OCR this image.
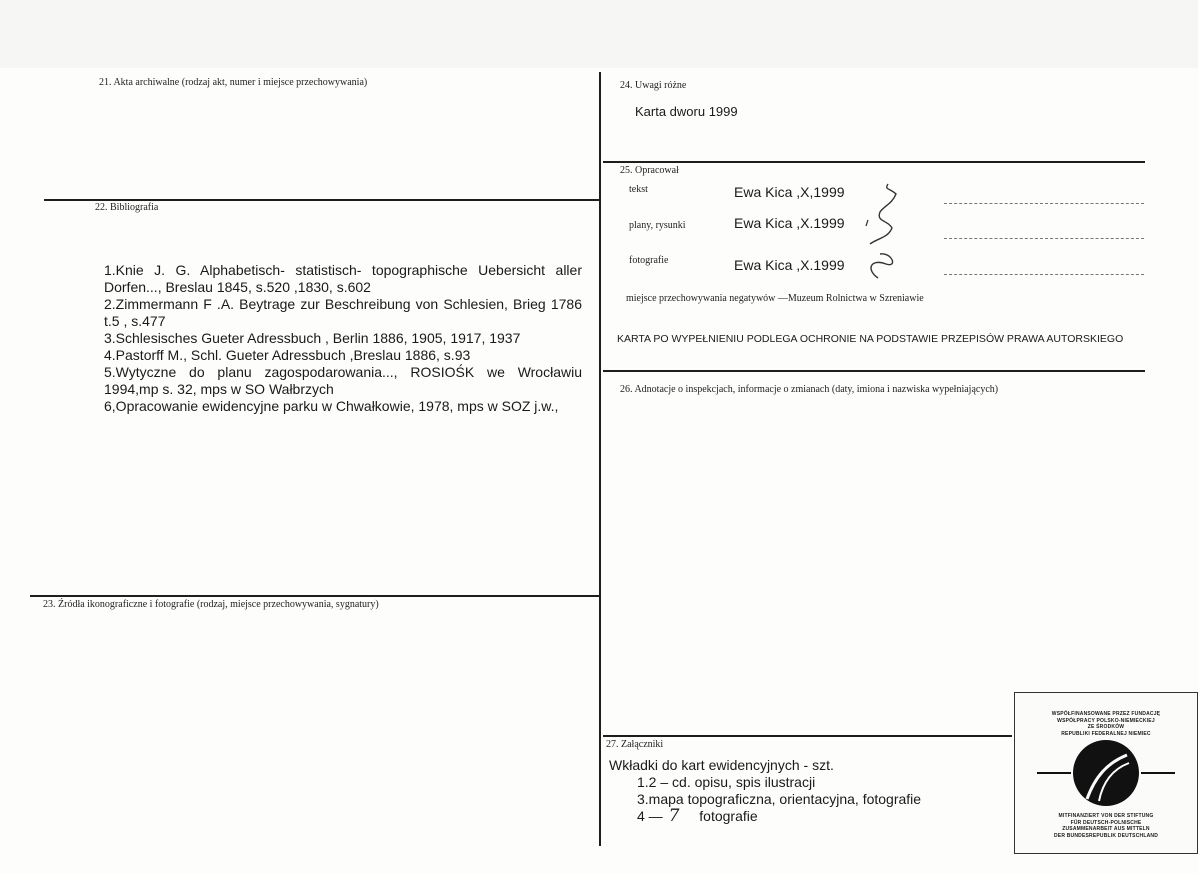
21. Akta archiwalne (rodzaj akt, numer i miejsce przechowywania)
22. Bibliografia
23. Źródła ikonograficzne i fotografie (rodzaj, miejsce przechowywania, sygnatury)

1.Knie J. G. Alphabetisch- statistisch- topographische Uebersicht aller Dorfen..., Breslau 1845, s.520 ,1830, s.602

2.Zimmermann F .A. Beytrage zur Beschreibung von Schlesien, Brieg 1786 t.5 , s.477

3.Schlesisches Gueter Adressbuch , Berlin 1886, 1905, 1917, 1937

4.Pastorff M., Schl. Gueter Adressbuch ,Breslau 1886, s.93

5.Wytyczne do planu zagospodarowania..., ROSIOŚK we Wrocławiu 1994,mp s. 32, mps w SO Wałbrzych

6,Opracowanie ewidencyjne parku w Chwałkowie, 1978, mps w SOZ j.w.,

24. Uwagi różne
Karta dworu 1999
25. Opracował
tekst	Ewa Kica ,X,1999
plany, rysunki	Ewa Kica ,X.1999
fotografie	Ewa Kica ,X.1999
miejsce przechowywania negatywów —Muzeum Rolnictwa w Szreniawie
KARTA PO WYPEŁNIENIU PODLEGA OCHRONIE NA PODSTAWIE PRZEPISÓW PRAWA AUTORSKIEGO
26. Adnotacje o inspekcjach, informacje o zmianach (daty, imiona i nazwiska wypełniających)
27. Załączniki

Wkładki do kart ewidencyjnych - szt.

1.2 – cd. opisu, spis ilustracji

3.mapa topograficzna, orientacyjna, fotografie

4 — 7 fotografie

WSPÓŁFINANSOWANE PRZEZ FUNDACJĘ
WSPÓŁPRACY POLSKO-NIEMIECKIEJ
ZE ŚRODKÓW
REPUBLIKI FEDERALNEJ NIEMIEC
MITFINANZIERT VON DER STIFTUNG
FÜR DEUTSCH-POLNISCHE
ZUSAMMENARBEIT AUS MITTELN
DER BUNDESREPUBLIK DEUTSCHLAND
